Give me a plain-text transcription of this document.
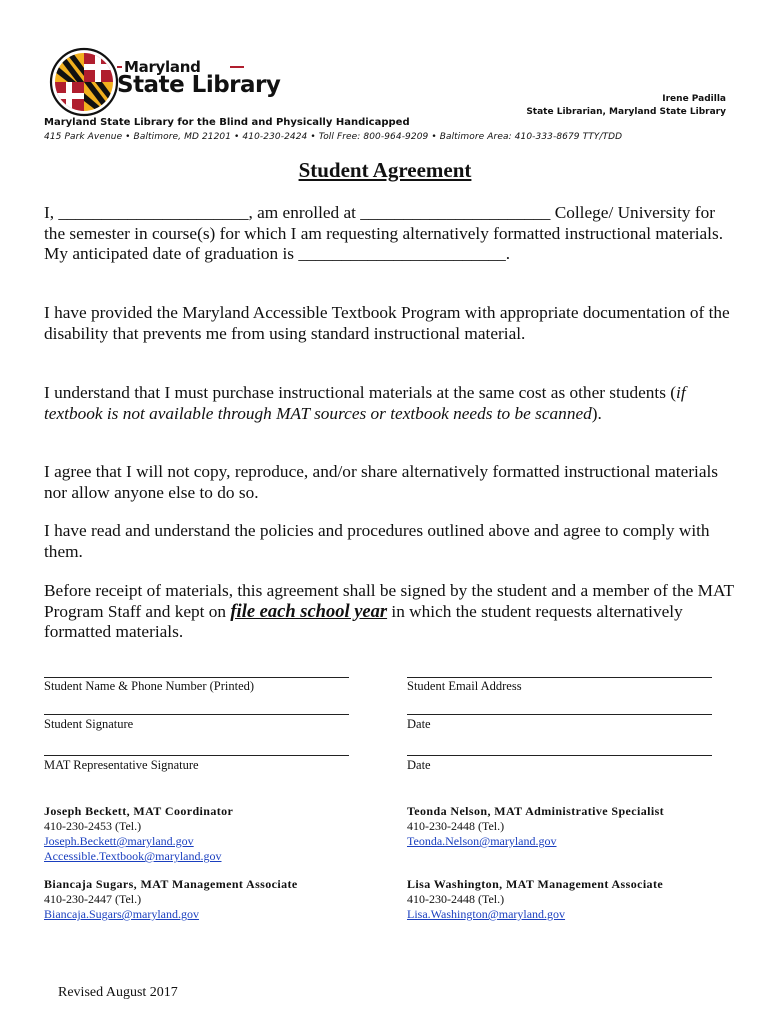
Maryland
State Library
Irene Padilla
State Librarian, Maryland State Library
Maryland State Library for the Blind and Physically Handicapped
415 Park Avenue • Baltimore, MD 21201 • 410-230-2424 • Toll Free: 800-964-9209 • Baltimore Area: 410-333-8679 TTY/TDD
Student Agreement
I, ______________________, am enrolled at ______________________ College/ University for the semester in course(s) for which I am requesting alternatively formatted instructional materials. My anticipated date of graduation is ________________________.
I have provided the Maryland Accessible Textbook Program with appropriate documentation of the disability that prevents me from using standard instructional material.
I understand that I must purchase instructional materials at the same cost as other students (if textbook is not available through MAT sources or textbook needs to be scanned).
I agree that I will not copy, reproduce, and/or share alternatively formatted instructional materials nor allow anyone else to do so.
I have read and understand the policies and procedures outlined above and agree to comply with them.
Before receipt of materials, this agreement shall be signed by the student and a member of the MAT Program Staff and kept on file each school year in which the student requests alternatively formatted materials.
Student Name & Phone Number (Printed)	Student Email Address
Student Signature	Date
MAT Representative Signature	Date
Joseph Beckett, MAT Coordinator
410-230-2453 (Tel.)
Joseph.Beckett@maryland.gov
Accessible.Textbook@maryland.gov
Teonda Nelson, MAT Administrative Specialist
410-230-2448 (Tel.)
Teonda.Nelson@maryland.gov
Biancaja Sugars, MAT Management Associate
410-230-2447 (Tel.)
Biancaja.Sugars@maryland.gov
Lisa Washington, MAT Management Associate
410-230-2448 (Tel.)
Lisa.Washington@maryland.gov
Revised August 2017
